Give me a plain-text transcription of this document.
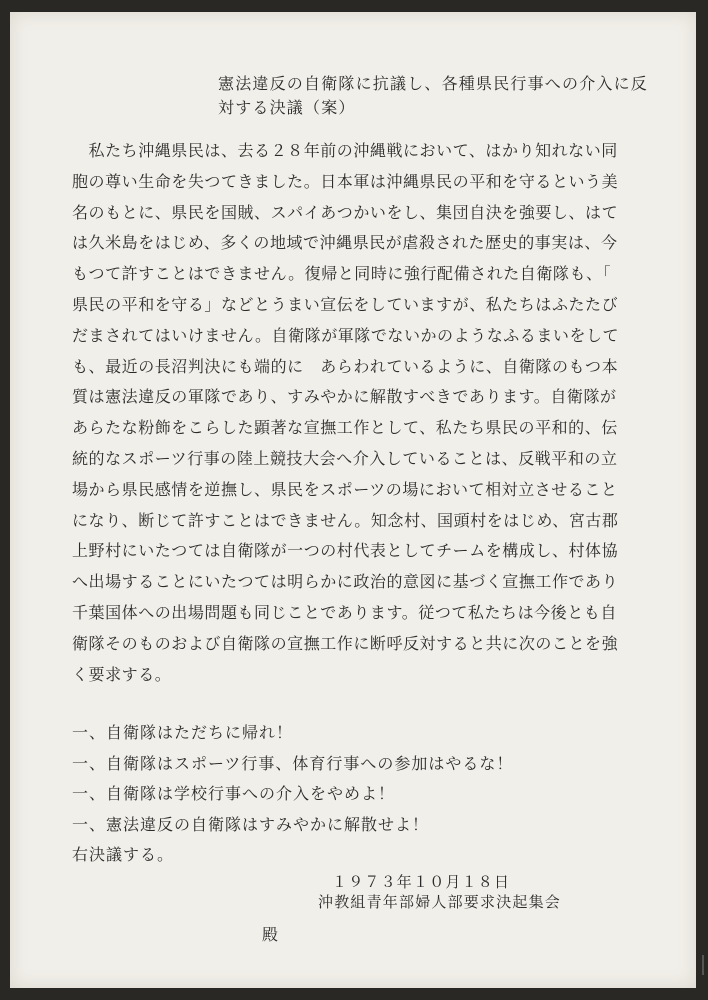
憲法違反の自衛隊に抗議し、各種県民行事への介入に反
対する決議（案）
　私たち沖縄県民は、去る２８年前の沖縄戦において、はかり知れない同
胞の尊い生命を失つてきました。日本軍は沖縄県民の平和を守るという美
名のもとに、県民を国賊、スパイあつかいをし、集団自決を強要し、はて
は久米島をはじめ、多くの地域で沖縄県民が虐殺された歴史的事実は、今
もつて許すことはできません。復帰と同時に強行配備された自衛隊も、「
県民の平和を守る」などとうまい宣伝をしていますが、私たちはふたたび
だまされてはいけません。自衛隊が軍隊でないかのようなふるまいをして
も、最近の長沼判決にも端的に　あらわれているように、自衛隊のもつ本
質は憲法違反の軍隊であり、すみやかに解散すべきであります。自衛隊が
あらたな粉飾をこらした顕著な宣撫工作として、私たち県民の平和的、伝
統的なスポーツ行事の陸上競技大会へ介入していることは、反戦平和の立
場から県民感情を逆撫し、県民をスポーツの場において相対立させること
になり、断じて許すことはできません。知念村、国頭村をはじめ、宮古郡
上野村にいたつては自衛隊が一つの村代表としてチームを構成し、村体協
へ出場することにいたつては明らかに政治的意図に基づく宣撫工作であり
千葉国体への出場問題も同じことであります。従つて私たちは今後とも自
衛隊そのものおよび自衛隊の宣撫工作に断呼反対すると共に次のことを強
く要求する。
一、自衛隊はただちに帰れ！
一、自衛隊はスポーツ行事、体育行事への参加はやるな！
一、自衛隊は学校行事への介入をやめよ！
一、憲法違反の自衛隊はすみやかに解散せよ！
右決議する。
１９７３年１０月１８日
沖教組青年部婦人部要求決起集会
殿
